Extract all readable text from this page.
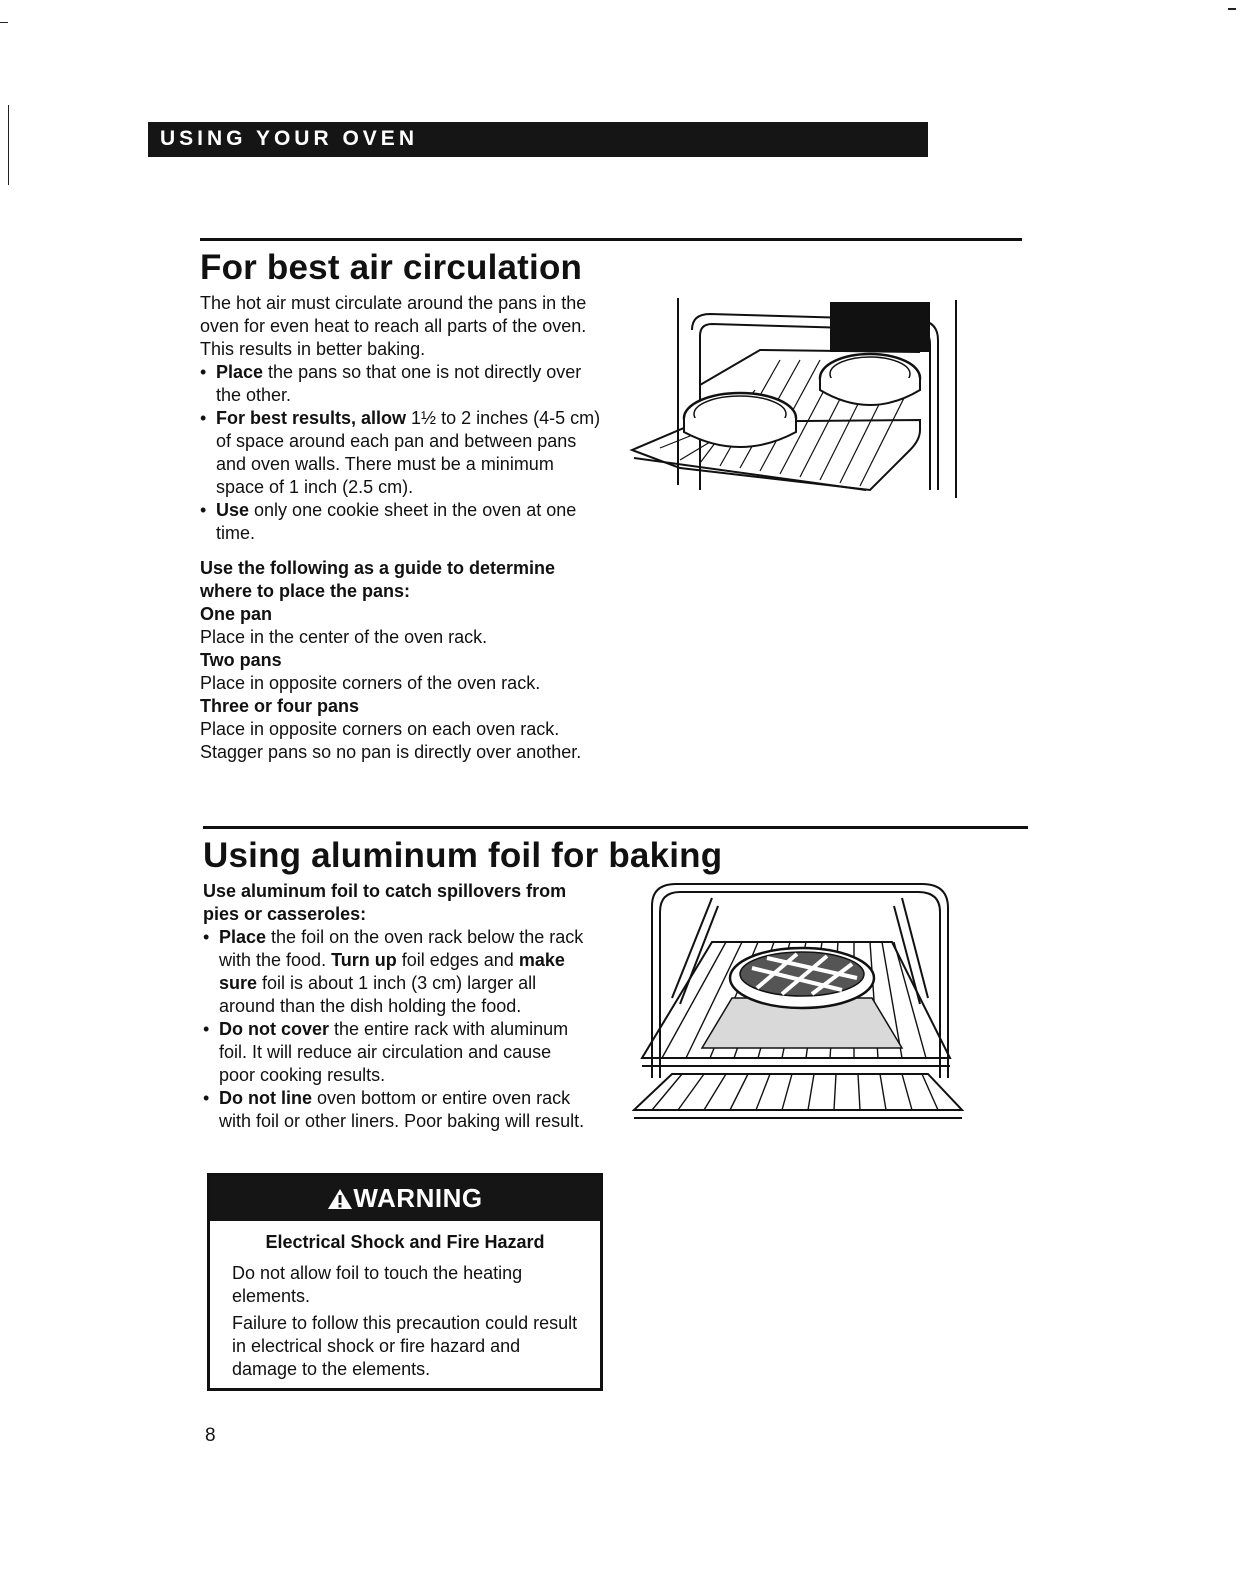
USING YOUR OVEN
For best air circulation

The hot air must circulate around the pans in the oven for even heat to reach all parts of the oven. This results in better baking.

• Place the pans so that one is not directly over the other.

• For best results, allow 1½ to 2 inches (4-5 cm) of space around each pan and between pans and oven walls. There must be a minimum space of 1 inch (2.5 cm).

• Use only one cookie sheet in the oven at one time.

Use the following as a guide to determine where to place the pans:

One pan

Place in the center of the oven rack.

Two pans

Place in opposite corners of the oven rack.

Three or four pans

Place in opposite corners on each oven rack. Stagger pans so no pan is directly over another.

Using aluminum foil for baking

Use aluminum foil to catch spillovers from pies or casseroles:

• Place the foil on the oven rack below the rack with the food. Turn up foil edges and make sure foil is about 1 inch (3 cm) larger all around than the dish holding the food.

• Do not cover the entire rack with aluminum foil. It will reduce air circulation and cause poor cooking results.

• Do not line oven bottom or entire oven rack with foil or other liners. Poor baking will result.

WARNING

Electrical Shock and Fire Hazard

Do not allow foil to touch the heating elements.

Failure to follow this precaution could result in electrical shock or fire hazard and damage to the elements.

8
